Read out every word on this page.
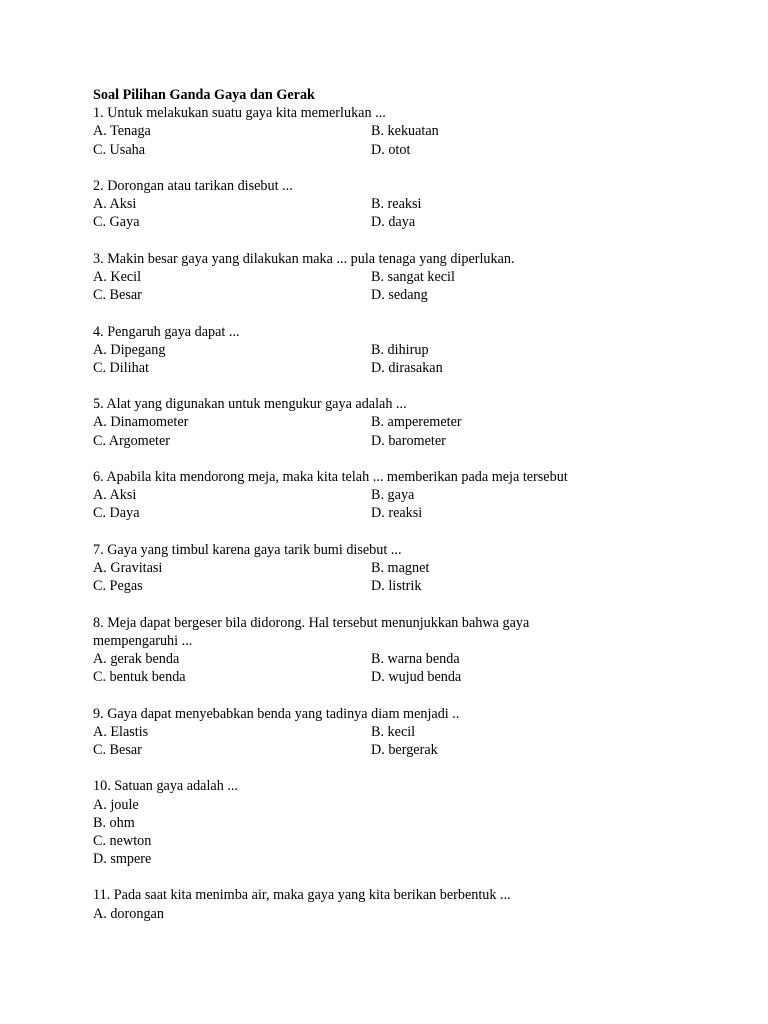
Soal Pilihan Ganda Gaya dan Gerak
1. Untuk melakukan suatu gaya kita memerlukan ...
A. Tenaga	B. kekuatan
C. Usaha	D. otot
2. Dorongan atau tarikan disebut ...
A. Aksi	B. reaksi
C. Gaya	D. daya
3. Makin besar gaya yang dilakukan maka ... pula tenaga yang diperlukan.
A. Kecil	B. sangat kecil
C. Besar	D. sedang
4. Pengaruh gaya dapat ...
A. Dipegang	B. dihirup
C. Dilihat	D. dirasakan
5. Alat yang digunakan untuk mengukur gaya adalah ...
A. Dinamometer	B. amperemeter
C. Argometer	D. barometer
6. Apabila kita mendorong meja, maka kita telah ... memberikan pada meja tersebut
A. Aksi	B. gaya
C. Daya	D. reaksi
7. Gaya yang timbul karena gaya tarik bumi disebut ...
A. Gravitasi	B. magnet
C. Pegas	D. listrik
8. Meja dapat bergeser bila didorong. Hal tersebut menunjukkan bahwa gaya mempengaruhi ...
A. gerak benda	B. warna benda
C. bentuk benda	D. wujud benda
9. Gaya dapat menyebabkan benda yang tadinya diam menjadi ..
A. Elastis	B. kecil
C. Besar	D. bergerak
10. Satuan gaya adalah ...
A. joule
B. ohm
C. newton
D. smpere
11. Pada saat kita menimba air, maka gaya yang kita berikan berbentuk ...
A. dorongan
